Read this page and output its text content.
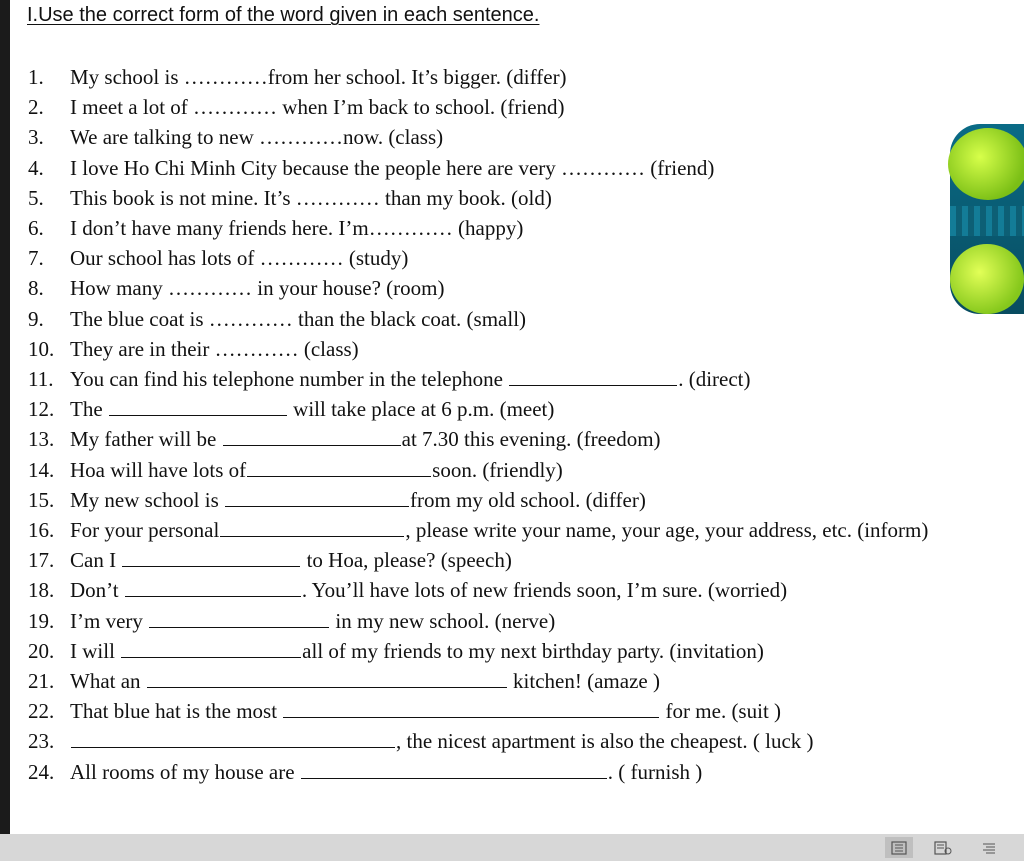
I.Use the correct form of the word given in each sentence.
1.	My school is …………from her school. It’s bigger. (differ)
2.	I meet a lot of ………… when I’m back to school. (friend)
3.	We are talking to new …………now. (class)
4.	I love Ho Chi Minh City because the people here are very ………… (friend)
5.	This book is not mine. It’s ………… than my book. (old)
6.	I don’t have many friends here. I’m………… (happy)
7.	Our school has lots of ………… (study)
8.	How many ………… in your house? (room)
9.	The blue coat is ………… than the black coat. (small)
10. They are in their ………… (class)
11. You can find his telephone number in the telephone	. (direct)
12. The	will take place at 6 p.m. (meet)
13. My father will be	at 7.30 this evening. (freedom)
14. Hoa will have lots of	soon. (friendly)
15. My new school is	from my old school. (differ)
16. For your personal	, please write your name, your age, your address, etc. (inform)
17. Can I	to Hoa, please? (speech)
18. Don’t	. You’ll have lots of new friends soon, I’m sure. (worried)
19. I’m very	in my new school. (nerve)
20. I will	all of my friends to my next birthday party. (invitation)
21. What an	kitchen! (amaze )
22. That blue hat is the most	for me. (suit )
23.	, the nicest apartment is also the cheapest. ( luck )
24. All rooms of my house are	. ( furnish )
